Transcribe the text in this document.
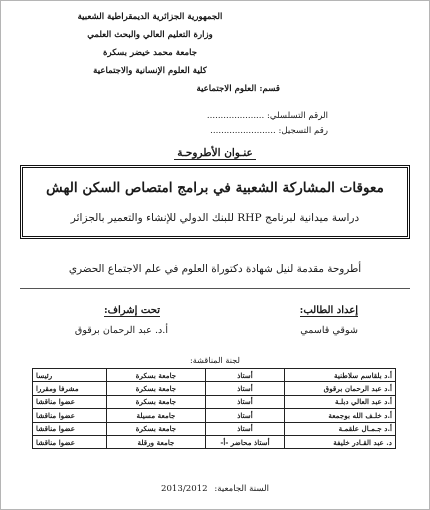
الجمهورية الجزائرية الديمقراطية الشعبية
وزارة التعليم العالي والبحث العلمي
جامعة محمد خيضر بسكرة
كلية العلوم الإنسانية والاجتماعية
قسم: العلوم الاجتماعية
الرقم التسلسلي: .....................
رقم التسجيل: ........................
عنـوان الأطروحـة
معوقات المشاركة الشعبية في برامج امتصاص السكن الهش
دراسة ميدانية لبرنامج RHP للبنك الدولي للإنشاء والتعمير بالجزائر
أطروحة مقدمة لنيل شهادة دكتوراة العلوم في علم الاجتماع الحضري
إعداد الطالب:
شوقي قاسمي
تحت إشراف:
أ.د. عبد الرحمان برقوق
لجنة المناقشة:
أ.د بلقاسم سلاطنية	أستاذ	جامعة بسكرة	رئيسا
أ.د عبد الرحمان برقوق	أستاذ	جامعة بسكرة	مشرفا ومقررا
أ.د عبد العالي دبلـة	أستاذ	جامعة بسكرة	عضوا مناقشا
أ.د خلـف الله بوجمعة	أستاذ	جامعة مسيلة	عضوا مناقشا
أ.د جـمـال علقمـة	أستاذ	جامعة بسكرة	عضوا مناقشا
د. عبد القـادر خليفة	أستاذ محاضر -أ-	جامعة ورقلة	عضوا مناقشا
السنة الجامعية: 2013/2012
